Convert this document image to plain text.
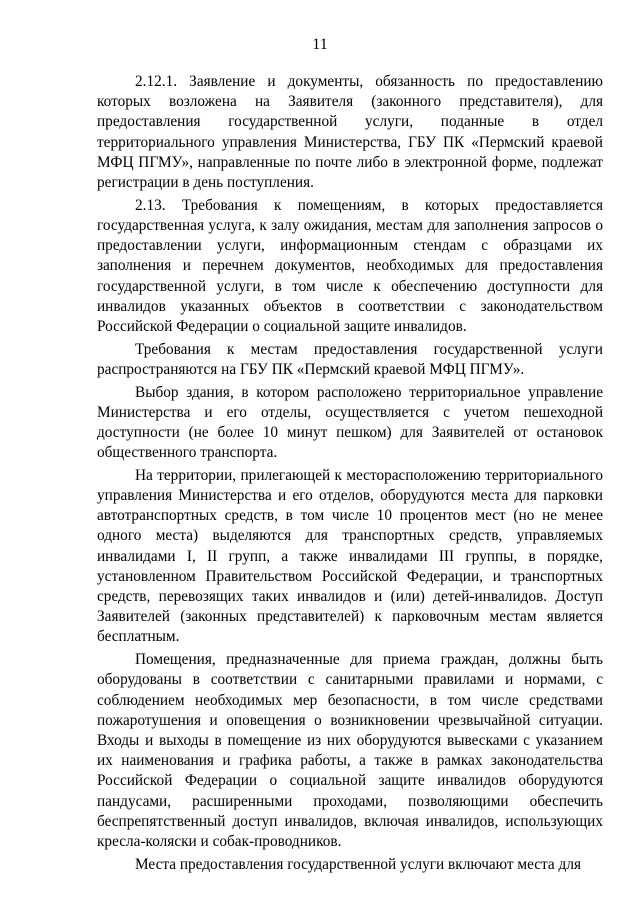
11

2.12.1. Заявление и документы, обязанность по предоставлению которых возложена на Заявителя (законного представителя), для предоставления государственной услуги, поданные в отдел территориального управления Министерства, ГБУ ПК «Пермский краевой МФЦ ПГМУ», направленные по почте либо в электронной форме, подлежат регистрации в день поступления.

2.13. Требования к помещениям, в которых предоставляется государственная услуга, к залу ожидания, местам для заполнения запросов о предоставлении услуги, информационным стендам с образцами их заполнения и перечнем документов, необходимых для предоставления государственной услуги, в том числе к обеспечению доступности для инвалидов указанных объектов в соответствии с законодательством Российской Федерации о социальной защите инвалидов.

Требования к местам предоставления государственной услуги распространяются на ГБУ ПК «Пермский краевой МФЦ ПГМУ».

Выбор здания, в котором расположено территориальное управление Министерства и его отделы, осуществляется с учетом пешеходной доступности (не более 10 минут пешком) для Заявителей от остановок общественного транспорта.

На территории, прилегающей к месторасположению территориального управления Министерства и его отделов, оборудуются места для парковки автотранспортных средств, в том числе 10 процентов мест (но не менее одного места) выделяются для транспортных средств, управляемых инвалидами I, II групп, а также инвалидами III группы, в порядке, установленном Правительством Российской Федерации, и транспортных средств, перевозящих таких инвалидов и (или) детей-инвалидов. Доступ Заявителей (законных представителей) к парковочным местам является бесплатным.

Помещения, предназначенные для приема граждан, должны быть оборудованы в соответствии с санитарными правилами и нормами, с соблюдением необходимых мер безопасности, в том числе средствами пожаротушения и оповещения о возникновении чрезвычайной ситуации. Входы и выходы в помещение из них оборудуются вывесками с указанием их наименования и графика работы, а также в рамках законодательства Российской Федерации о социальной защите инвалидов оборудуются пандусами, расширенными проходами, позволяющими обеспечить беспрепятственный доступ инвалидов, включая инвалидов, использующих кресла-коляски и собак-проводников.

Места предоставления государственной услуги включают места для
